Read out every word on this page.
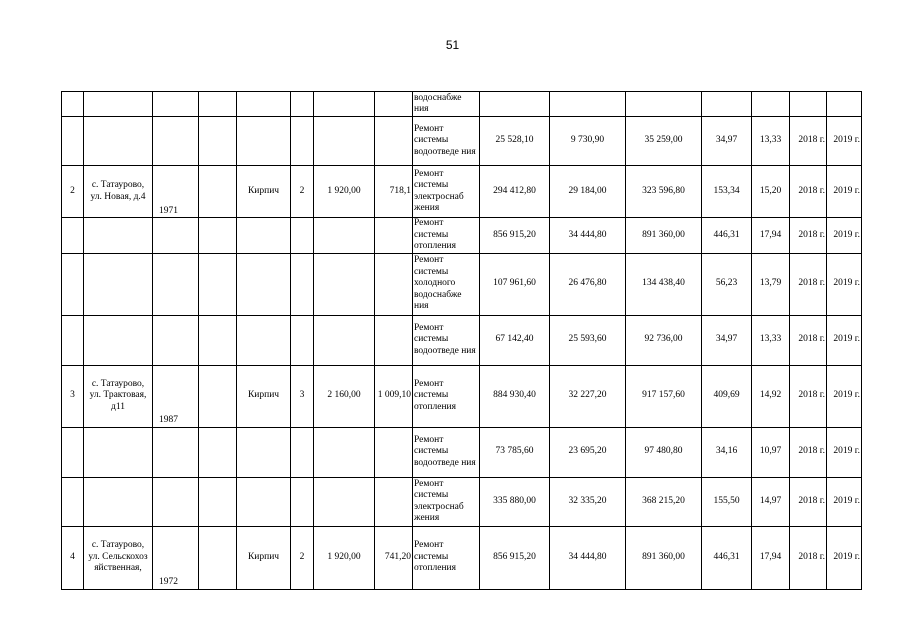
51
								водоснабже ния							
								Ремонт системы водоотведе ния	25 528,10	9 730,90	35 259,00	34,97	13,33	2018 г.	2019 г.
2	с. Татаурово, ул. Новая, д.4	1971		Кирпич	2	1 920,00	718,1	Ремонт системы электроснаб жения	294 412,80	29 184,00	323 596,80	153,34	15,20	2018 г.	2019 г.
								Ремонт системы отопления	856 915,20	34 444,80	891 360,00	446,31	17,94	2018 г.	2019 г.
								Ремонт системы холодного водоснабже ния	107 961,60	26 476,80	134 438,40	56,23	13,79	2018 г.	2019 г.
								Ремонт системы водоотведе ния	67 142,40	25 593,60	92 736,00	34,97	13,33	2018 г.	2019 г.
3	с. Татаурово, ул. Трактовая, д11	1987		Кирпич	3	2 160,00	1 009,10	Ремонт системы отопления	884 930,40	32 227,20	917 157,60	409,69	14,92	2018 г.	2019 г.
								Ремонт системы водоотведе ния	73 785,60	23 695,20	97 480,80	34,16	10,97	2018 г.	2019 г.
								Ремонт системы электроснаб жения	335 880,00	32 335,20	368 215,20	155,50	14,97	2018 г.	2019 г.
4	с. Татаурово, ул. Сельскохоз яйственная,	1972		Кирпич	2	1 920,00	741,20	Ремонт системы отопления	856 915,20	34 444,80	891 360,00	446,31	17,94	2018 г.	2019 г.
